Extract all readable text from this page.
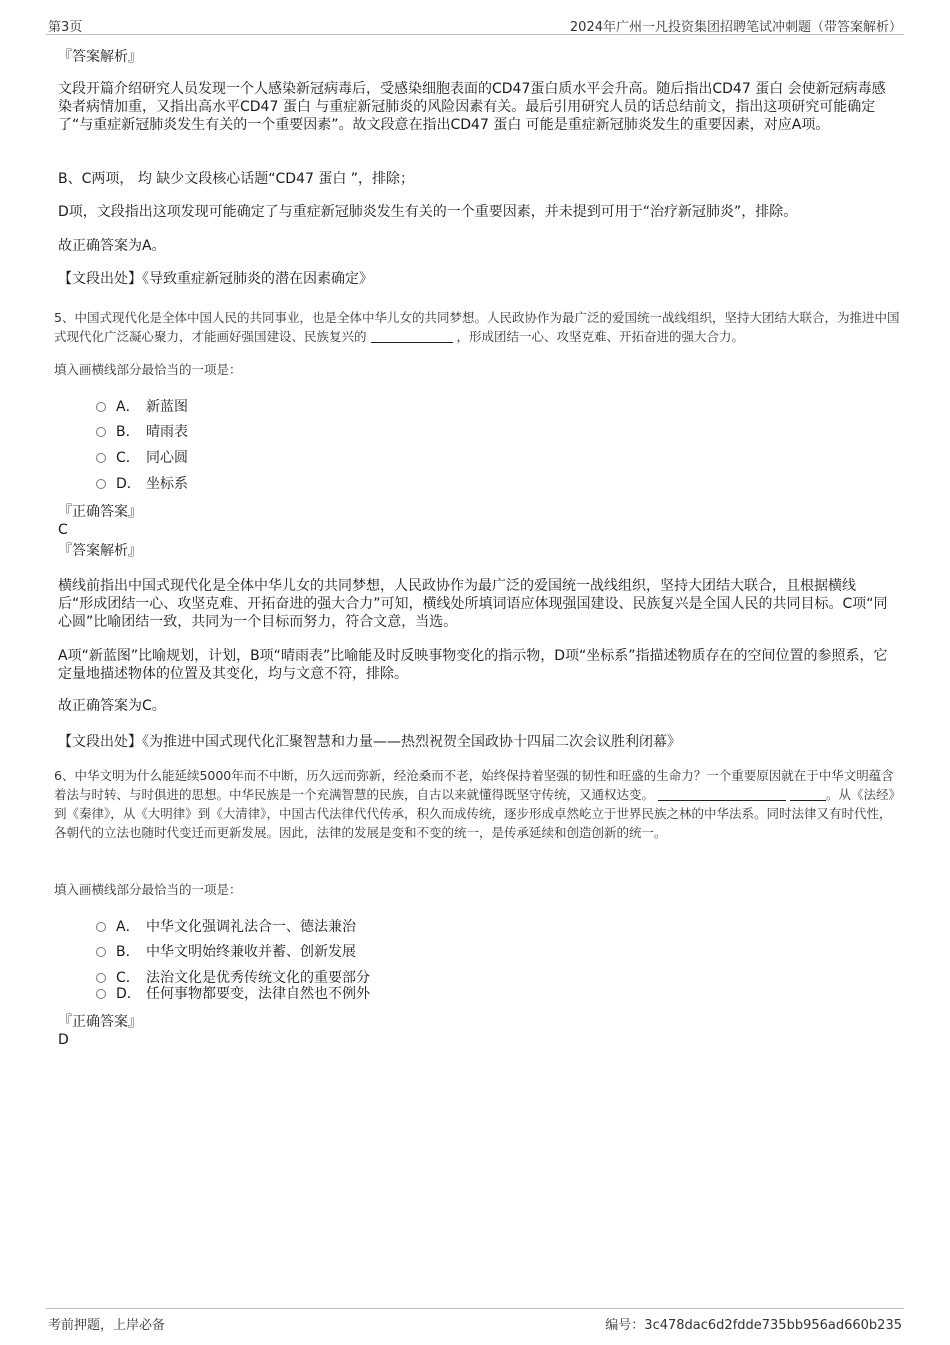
第3页	2024年广州一凡投资集团招聘笔试冲刺题（带答案解析）
『答案解析』
文段开篇介绍研究人员发现一个人感染新冠病毒后，受感染细胞表面的CD47蛋白质水平会升高。随后指出CD47 蛋白 会使新冠病毒感染者病情加重，又指出高水平CD47 蛋白 与重症新冠肺炎的风险因素有关。最后引用研究人员的话总结前文，指出这项研究可能确定了“与重症新冠肺炎发生有关的一个重要因素”。故文段意在指出CD47 蛋白 可能是重症新冠肺炎发生的重要因素，对应A项。
B、C两项， 均 缺少文段核心话题“CD47 蛋白 ”，排除；
D项，文段指出这项发现可能确定了与重症新冠肺炎发生有关的一个重要因素，并未提到可用于“治疗新冠肺炎”，排除。
故正确答案为A。
【文段出处】《导致重症新冠肺炎的潜在因素确定》
5、中国式现代化是全体中国人民的共同事业，也是全体中华儿女的共同梦想。人民政协作为最广泛的爱国统一战线组织，坚持大团结大联合，为推进中国式现代化广泛凝心聚力，才能画好强国建设、民族复兴的	，形成团结一心、攻坚克难、开拓奋进的强大合力。
填入画横线部分最恰当的一项是：
A． 新蓝图
B． 晴雨表
C． 同心圆
D． 坐标系
『正确答案』
C
『答案解析』
横线前指出中国式现代化是全体中华儿女的共同梦想，人民政协作为最广泛的爱国统一战线组织，坚持大团结大联合，且根据横线后“形成团结一心、攻坚克难、开拓奋进的强大合力”可知，横线处所填词语应体现强国建设、民族复兴是全国人民的共同目标。C项“同心圆”比喻团结一致，共同为一个目标而努力，符合文意，当选。
A项“新蓝图”比喻规划，计划，B项“晴雨表”比喻能及时反映事物变化的指示物，D项“坐标系”指描述物质存在的空间位置的参照系，它定量地描述物体的位置及其变化，均与文意不符，排除。
故正确答案为C。
【文段出处】《为推进中国式现代化汇聚智慧和力量——热烈祝贺全国政协十四届二次会议胜利闭幕》
6、中华文明为什么能延续5000年而不中断，历久远而弥新，经沧桑而不老，始终保持着坚强的韧性和旺盛的生命力？一个重要原因就在于中华文明蕴含着法与时转、与时俱进的思想。中华民族是一个充满智慧的民族，自古以来就懂得既坚守传统，又通权达变。	。从《法经》到《秦律》，从《大明律》到《大清律》，中国古代法律代代传承，积久而成传统，逐步形成卓然屹立于世界民族之林的中华法系。同时法律又有时代性，各朝代的立法也随时代变迁而更新发展。因此，法律的发展是变和不变的统一，是传承延续和创造创新的统一。
填入画横线部分最恰当的一项是：
A． 中华文化强调礼法合一、德法兼治
B． 中华文明始终兼收并蓄、创新发展
C． 法治文化是优秀传统文化的重要部分
D． 任何事物都要变，法律自然也不例外
『正确答案』
D
考前押题，上岸必备	编号：3c478dac6d2fdde735bb956ad660b235
